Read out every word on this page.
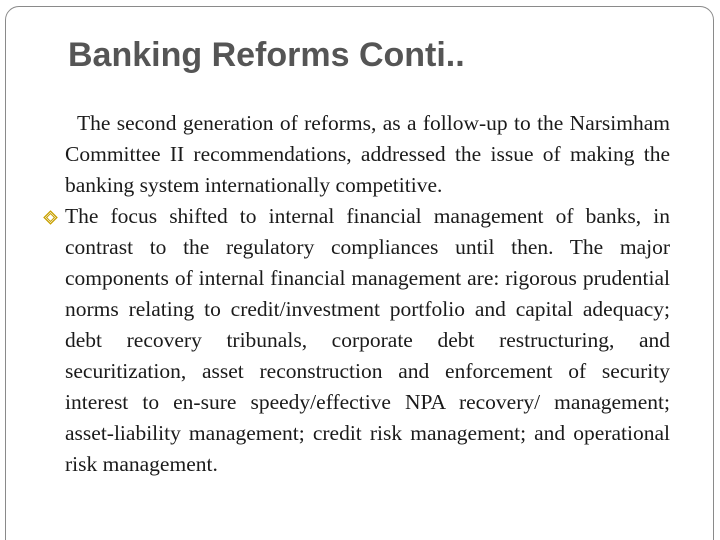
Banking Reforms Conti..

The second generation of reforms, as a follow-up to the Narsimham Committee II recommendations, addressed the issue of making the banking system internationally competitive.

The focus shifted to internal financial management of banks, in contrast to the regulatory compliances until then. The major components of internal financial management are: rigorous prudential norms relating to credit/investment portfolio and capital adequacy; debt recovery tribunals, corporate debt restructuring, and securitization, asset reconstruction and enforcement of security interest to en-sure speedy/effective NPA recovery/ management; asset-liability management; credit risk management; and operational risk management.
